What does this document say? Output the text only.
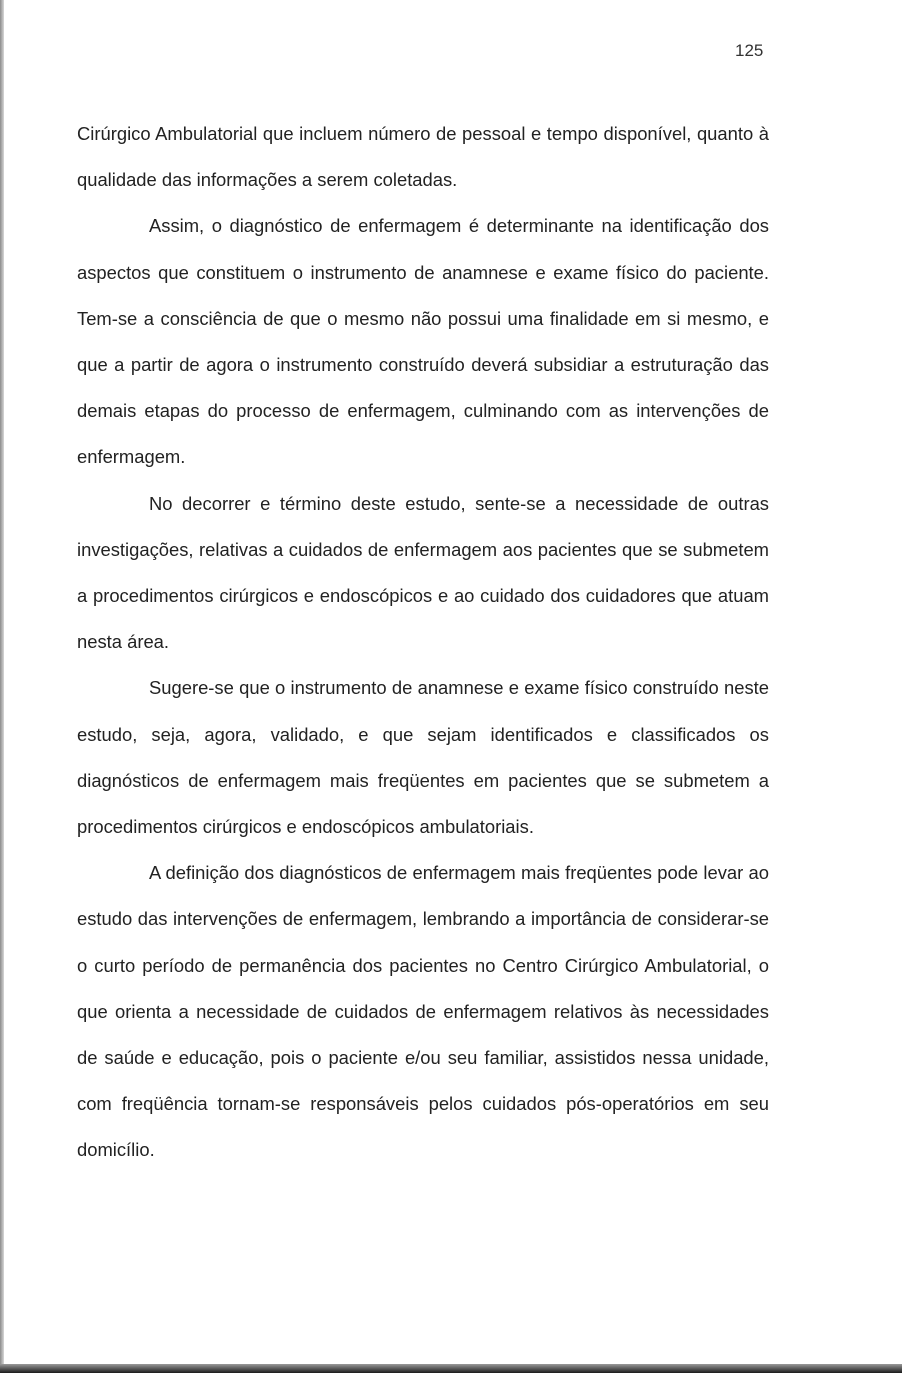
125

Cirúrgico Ambulatorial que incluem número de pessoal e tempo disponível, quanto à qualidade das informações a serem coletadas.

Assim, o diagnóstico de enfermagem é determinante na identificação dos aspectos que constituem o instrumento de anamnese e exame físico do paciente. Tem-se a consciência de que o mesmo não possui uma finalidade em si mesmo, e que a partir de agora o instrumento construído deverá subsidiar a estruturação das demais etapas do processo de enfermagem, culminando com as intervenções de enfermagem.

No decorrer e término deste estudo, sente-se a necessidade de outras investigações, relativas a cuidados de enfermagem aos pacientes que se submetem a procedimentos cirúrgicos e endoscópicos e ao cuidado dos cuidadores que atuam nesta área.

Sugere-se que o instrumento de anamnese e exame físico construído neste estudo, seja, agora, validado, e que sejam identificados e classificados os diagnósticos de enfermagem mais freqüentes em pacientes que se submetem a procedimentos cirúrgicos e endoscópicos ambulatoriais.

A definição dos diagnósticos de enfermagem mais freqüentes pode levar ao estudo das intervenções de enfermagem, lembrando a importância de considerar-se o curto período de permanência dos pacientes no Centro Cirúrgico Ambulatorial, o que orienta a necessidade de cuidados de enfermagem relativos às necessidades de saúde e educação, pois o paciente e/ou seu familiar, assistidos nessa unidade, com freqüência tornam-se responsáveis pelos cuidados pós-operatórios em seu domicílio.
